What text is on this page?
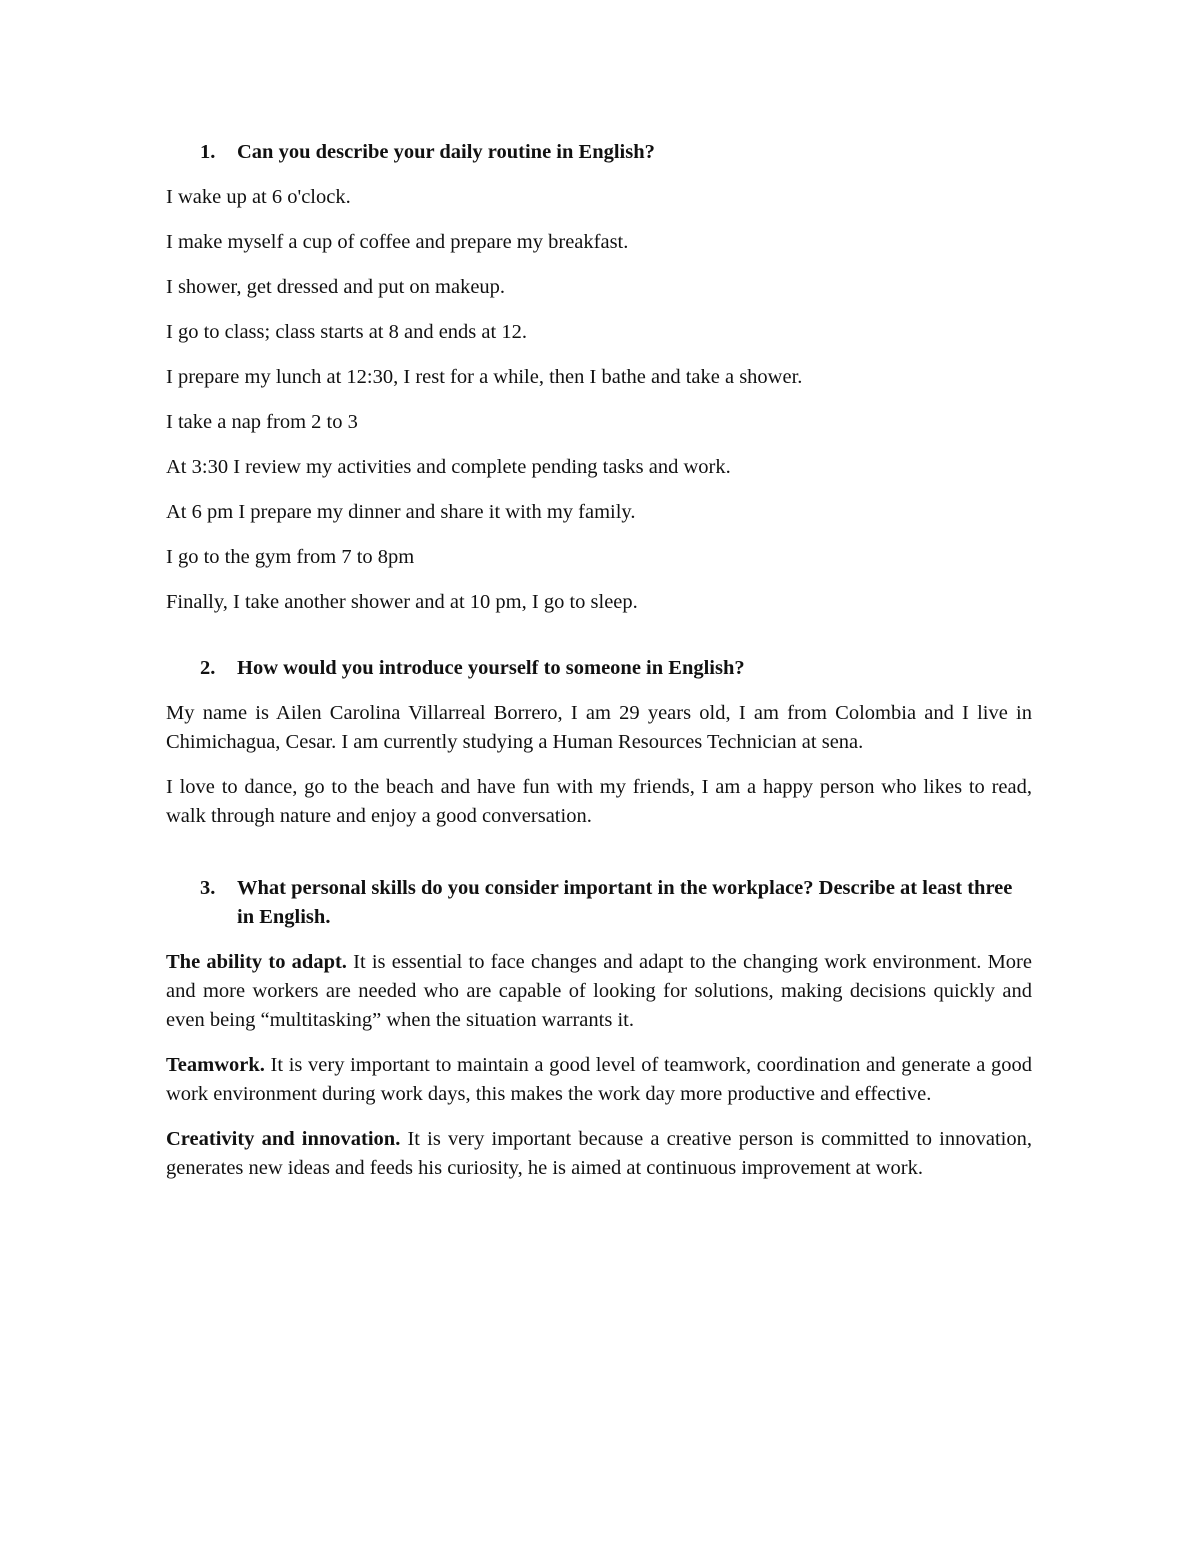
1.	Can you describe your daily routine in English?

I wake up at 6 o'clock.

I make myself a cup of coffee and prepare my breakfast.

I shower, get dressed and put on makeup.

I go to class; class starts at 8 and ends at 12.

I prepare my lunch at 12:30, I rest for a while, then I bathe and take a shower.

I take a nap from 2 to 3

At 3:30 I review my activities and complete pending tasks and work.

At 6 pm I prepare my dinner and share it with my family.

I go to the gym from 7 to 8pm

Finally, I take another shower and at 10 pm, I go to sleep.

2.	How would you introduce yourself to someone in English?

My name is Ailen Carolina Villarreal Borrero, I am 29 years old, I am from Colombia and I live in Chimichagua, Cesar. I am currently studying a Human Resources Technician at sena.

I love to dance, go to the beach and have fun with my friends, I am a happy person who likes to read, walk through nature and enjoy a good conversation.

3.	What personal skills do you consider important in the workplace? Describe at least three in English.

The ability to adapt. It is essential to face changes and adapt to the changing work environment. More and more workers are needed who are capable of looking for solutions, making decisions quickly and even being “multitasking” when the situation warrants it.

Teamwork. It is very important to maintain a good level of teamwork, coordination and generate a good work environment during work days, this makes the work day more productive and effective.

Creativity and innovation. It is very important because a creative person is committed to innovation, generates new ideas and feeds his curiosity, he is aimed at continuous improvement at work.
